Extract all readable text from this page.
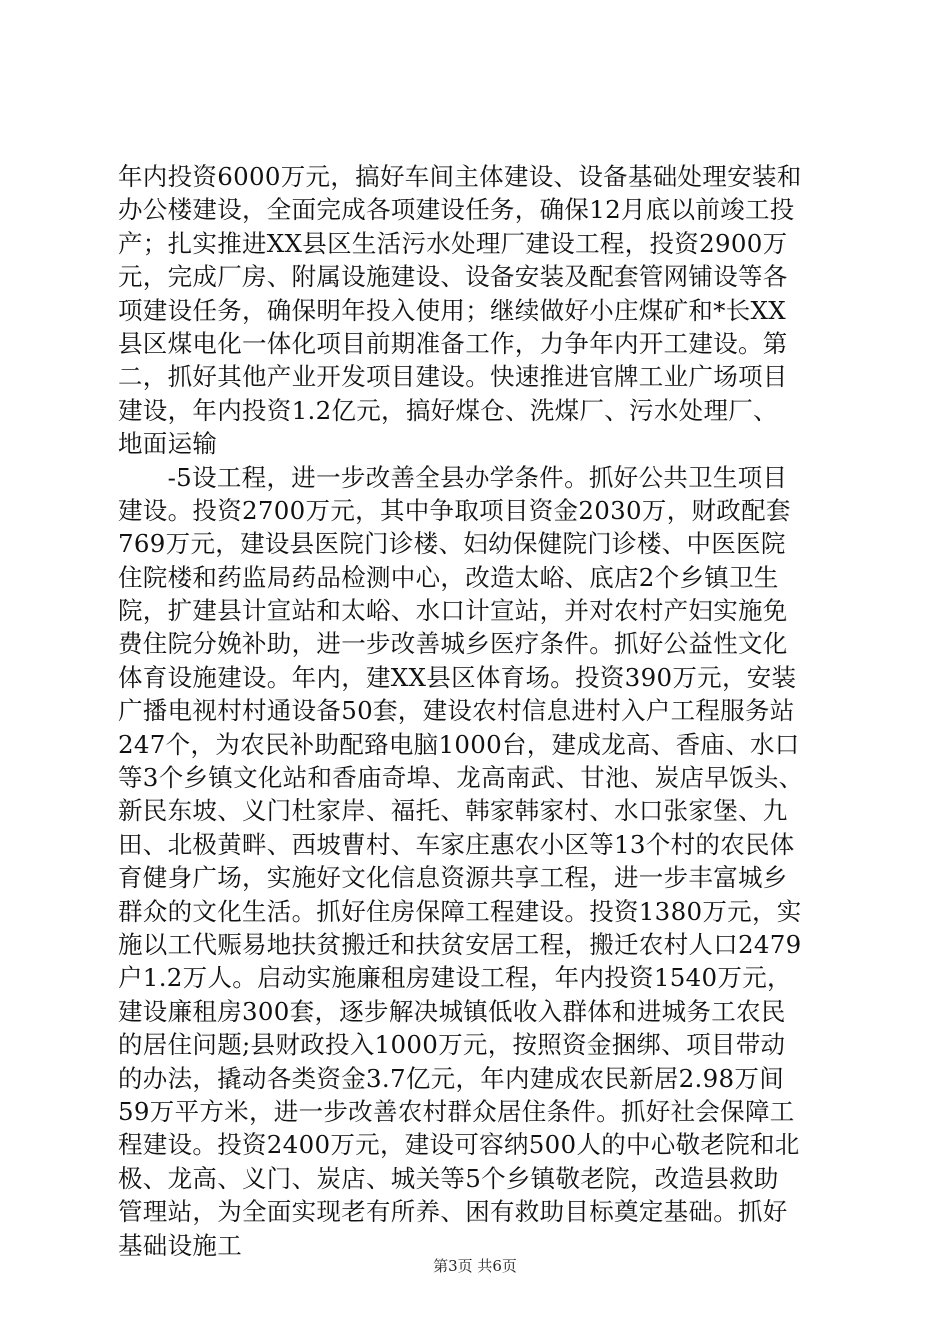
年内投资6000万元，搞好车间主体建设、设备基础处理安装和
办公楼建设，全面完成各项建设任务，确保12月底以前竣工投
产；扎实推进XX县区生活污水处理厂建设工程，投资2900万
元，完成厂房、附属设施建设、设备安装及配套管网铺设等各
项建设任务，确保明年投入使用；继续做好小庄煤矿和*长XX
县区煤电化一体化项目前期准备工作，力争年内开工建设。第
二，抓好其他产业开发项目建设。快速推进官牌工业广场项目
建设，年内投资1.2亿元，搞好煤仓、洗煤厂、污水处理厂、
地面运输
　　-5设工程，进一步改善全县办学条件。抓好公共卫生项目
建设。投资2700万元，其中争取项目资金2030万，财政配套
769万元，建设县医院门诊楼、妇幼保健院门诊楼、中医医院
住院楼和药监局药品检测中心，改造太峪、底店2个乡镇卫生
院，扩建县计宣站和太峪、水口计宣站，并对农村产妇实施免
费住院分娩补助，进一步改善城乡医疗条件。抓好公益性文化
体育设施建设。年内，建XX县区体育场。投资390万元，安装
广播电视村村通设备50套，建设农村信息进村入户工程服务站
247个，为农民补助配臵电脑1000台，建成龙高、香庙、水口
等3个乡镇文化站和香庙奇埠、龙高南武、甘池、炭店早饭头、
新民东坡、义门杜家岸、福托、韩家韩家村、水口张家堡、九
田、北极黄畔、西坡曹村、车家庄惠农小区等13个村的农民体
育健身广场，实施好文化信息资源共享工程，进一步丰富城乡
群众的文化生活。抓好住房保障工程建设。投资1380万元，实
施以工代赈易地扶贫搬迁和扶贫安居工程，搬迁农村人口2479
户1.2万人。启动实施廉租房建设工程，年内投资1540万元，
建设廉租房300套，逐步解决城镇低收入群体和进城务工农民
的居住问题;县财政投入1000万元，按照资金捆绑、项目带动
的办法，撬动各类资金3.7亿元，年内建成农民新居2.98万间
59万平方米，进一步改善农村群众居住条件。抓好社会保障工
程建设。投资2400万元，建设可容纳500人的中心敬老院和北
极、龙高、义门、炭店、城关等5个乡镇敬老院，改造县救助
管理站，为全面实现老有所养、困有救助目标奠定基础。抓好
基础设施工
第3页 共6页
